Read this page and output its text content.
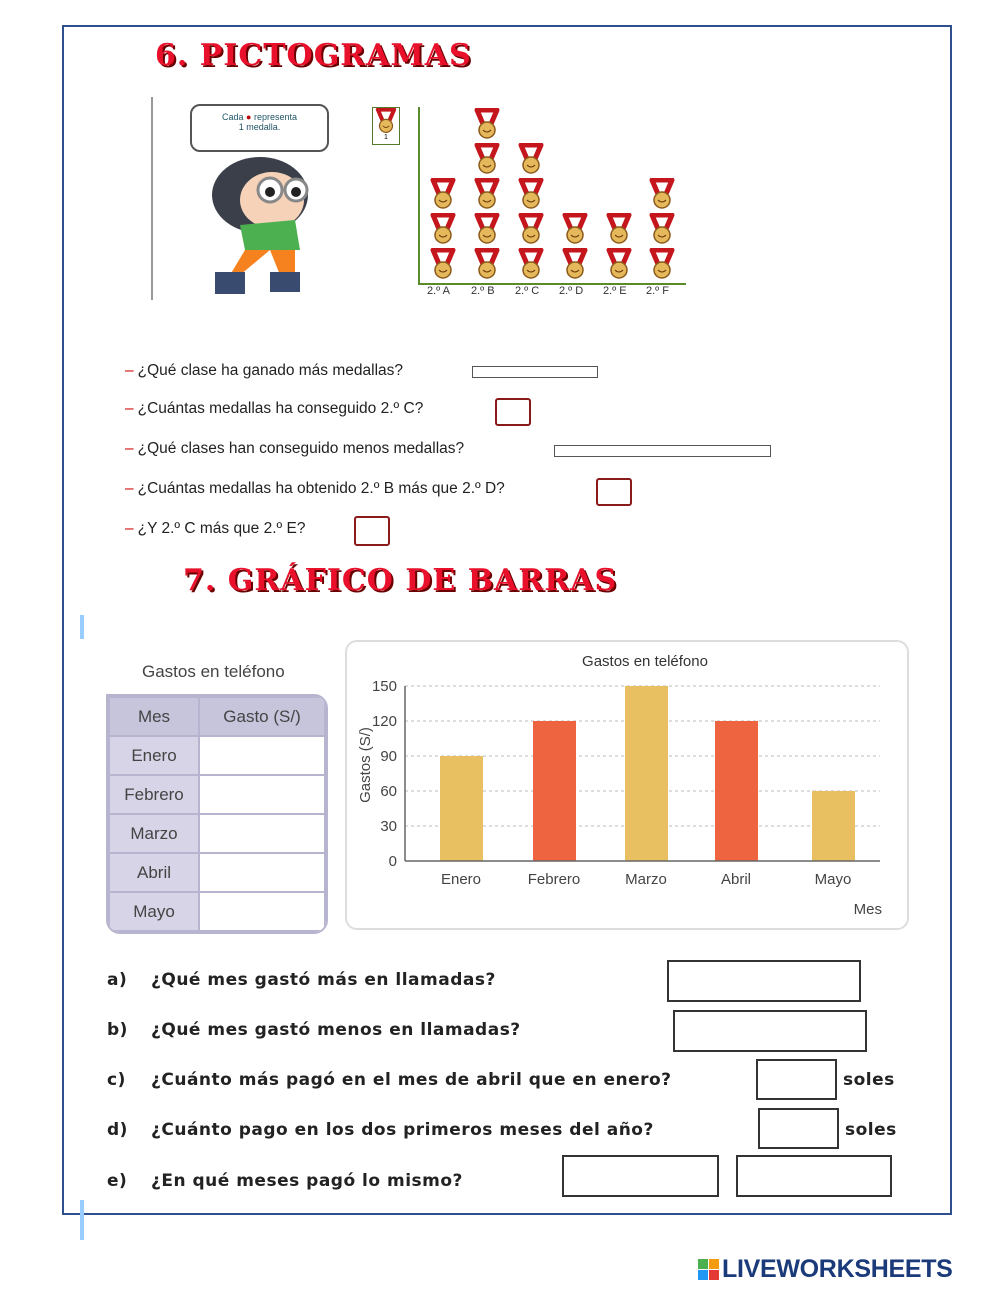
6. PICTOGRAMAS
Cada ● representa
1 medalla.
1
2.º A 2.º B 2.º C 2.º D 2.º E 2.º F
– ¿Qué clase ha ganado más medallas?
– ¿Cuántas medallas ha conseguido 2.º C?
– ¿Qué clases han conseguido menos medallas?
– ¿Cuántas medallas ha obtenido 2.º B más que 2.º D?
– ¿Y 2.º C más que 2.º E?
7. GRÁFICO DE BARRAS
Gastos en teléfono
Mes	Gasto (S/)
Enero	
Febrero	
Marzo	
Abril	
Mayo	
Gastos en teléfono
0
30
60
90
120
150
Enero	Febrero	Marzo	Abril	Mayo
Gastos (S/)
Mes
a) ¿Qué mes gastó más en llamadas?
b) ¿Qué mes gastó menos en llamadas?
c) ¿Cuánto más pagó en el mes de abril que en enero?	soles
d) ¿Cuánto pago en los dos primeros meses del año?	soles
e) ¿En qué meses pagó lo mismo?
LIVEWORKSHEETS
